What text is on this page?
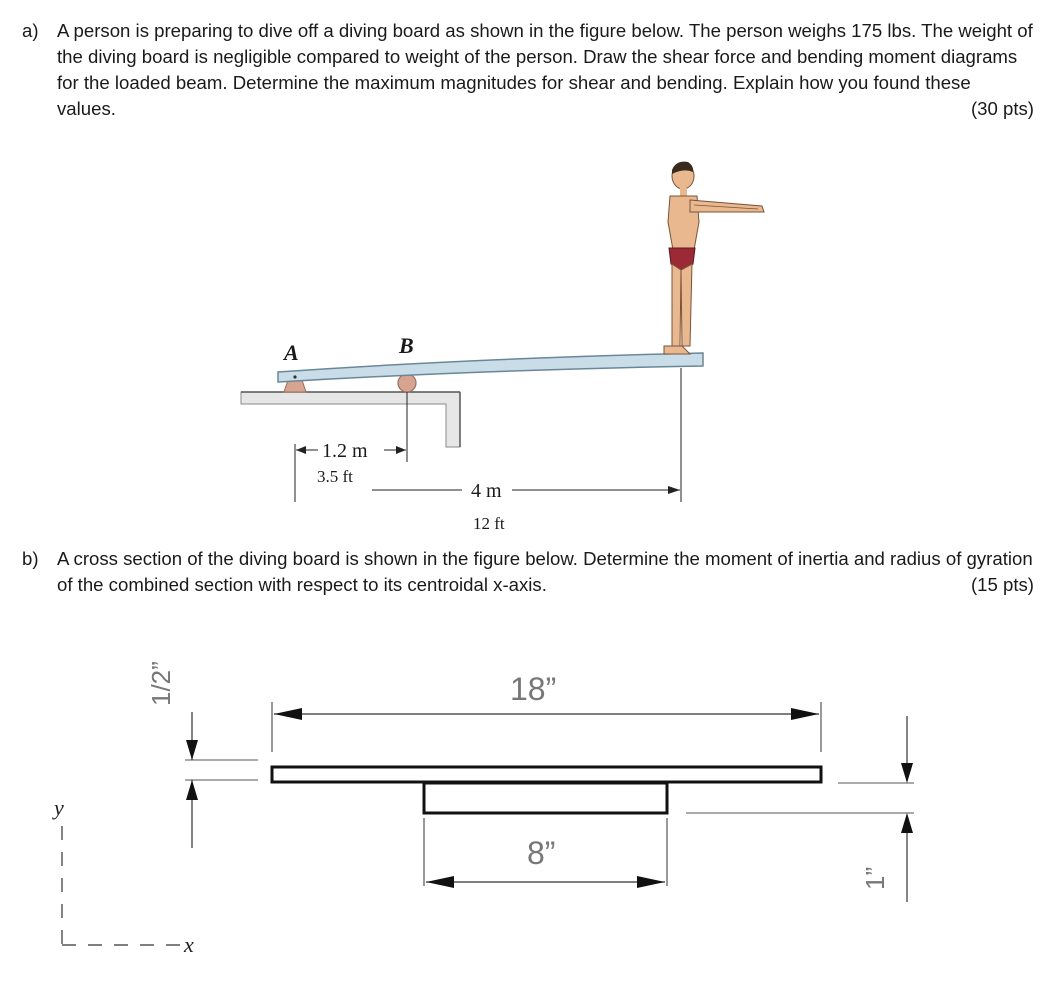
a) A person is preparing to dive off a diving board as shown in the figure below. The person weighs 175 lbs. The weight of the diving board is negligible compared to weight of the person. Draw the shear force and bending moment diagrams for the loaded beam. Determine the maximum magnitudes for shear and bending. Explain how you found these values.	(30 pts)
A	B
1.2 m
3.5 ft
4 m
12 ft
b) A cross section of the diving board is shown in the figure below. Determine the moment of inertia and radius of gyration of the combined section with respect to its centroidal x-axis.	(15 pts)
1/2”	18”
8”
1”
y
x
